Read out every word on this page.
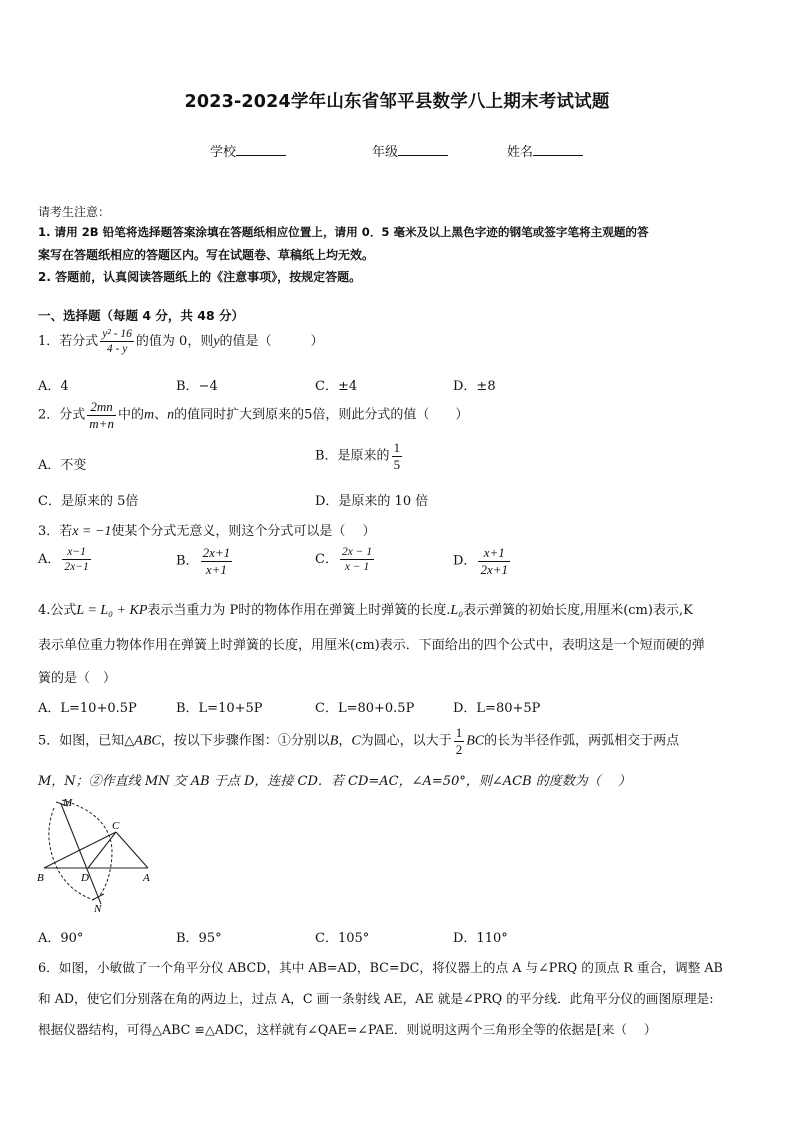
2023-2024学年山东省邹平县数学八上期末考试试题
学校	年级	姓名
请考生注意：
1. 请用 2B 铅笔将选择题答案涂填在答题纸相应位置上，请用 0．5 毫米及以上黑色字迹的钢笔或签字笔将主观题的答
案写在答题纸相应的答题区内。写在试题卷、草稿纸上均无效。
2. 答题前，认真阅读答题纸上的《注意事项》，按规定答题。
一、选择题（每题 4 分，共 48 分）
1．若分式 $\frac{\text{y² - 16}}{4 - y}$ 的值为 0，则y的值是（　　　）
A．4	B．−4	C．±4	D．±8
2．分式 $\frac{2mn}{m+n}$ 中的m、n的值同时扩大到原来的5倍，则此分式的值（　　）
A．不变
B．是原来的 $\frac{1}{5}$
C．是原来的 5倍	D．是原来的 10 倍
3．若x = −1使某个分式无意义，则这个分式可以是（　 ）
A． $\frac{x-1}{2x-1}$	B． $\frac{2x+1}{x+1}$	C． $\frac{2x - 1}{x - 1}$	D． $\frac{x+1}{2x+1}$
4.公式L = L₀ + KP表示当重力为 P时的物体作用在弹簧上时弹簧的长度.L₀表示弹簧的初始长度,用厘米(cm)表示,K
表示单位重力物体作用在弹簧上时弹簧的长度，用厘米(cm)表示．下面给出的四个公式中，表明这是一个短而硬的弹
簧的是（　）
A．L=10+0.5P	B．L=10+5P	C．L=80+0.5P	D．L=80+5P
5．如图，已知△ABC，按以下步骤作图：①分别以B，C为圆心，以大于 $\frac{1}{2}$ BC的长为半径作弧，两弧相交于两点
M，N；②作直线 MN 交 AB 于点 D，连接 CD．若 CD=AC，∠A=50°，则∠ACB 的度数为（　 ）
M
C
B	D	A
N
A．90°	B．95°	C．105°	D．110°
6．如图，小敏做了一个角平分仪 ABCD，其中 AB=AD，BC=DC，将仪器上的点 A 与∠PRQ 的顶点 R 重合，调整 AB
和 AD，使它们分别落在角的两边上，过点 A，C 画一条射线 AE，AE 就是∠PRQ 的平分线．此角平分仪的画图原理是:
根据仪器结构，可得△ABC ≌△ADC，这样就有∠QAE=∠PAE．则说明这两个三角形全等的依据是[来（　 ）
